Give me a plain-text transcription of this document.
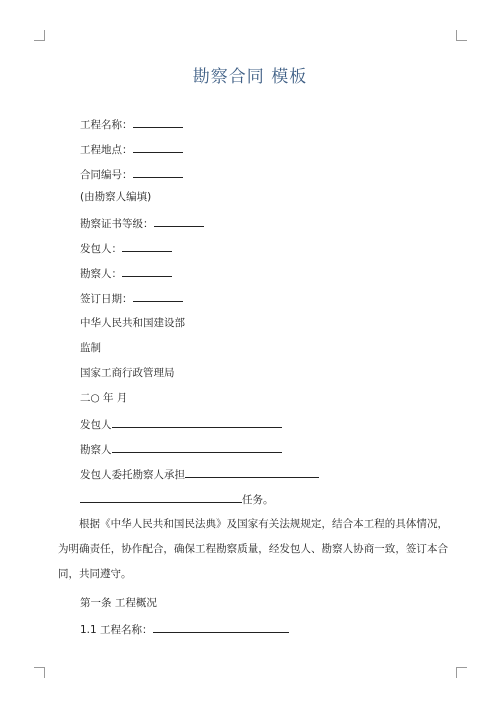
勘察合同 模板
工程名称：
工程地点：
合同编号：
(由勘察人编填)
勘察证书等级：
发包人：
勘察人：
签订日期：
中华人民共和国建设部
监制
国家工商行政管理局
二○ 年 月
发包人
勘察人
发包人委托勘察人承担
任务。
根据《中华人民共和国民法典》及国家有关法规规定，结合本工程的具体情况，为明确责任，协作配合，确保工程勘察质量，经发包人、勘察人协商一致，签订本合同，共同遵守。
第一条 工程概况
1.1 工程名称：
